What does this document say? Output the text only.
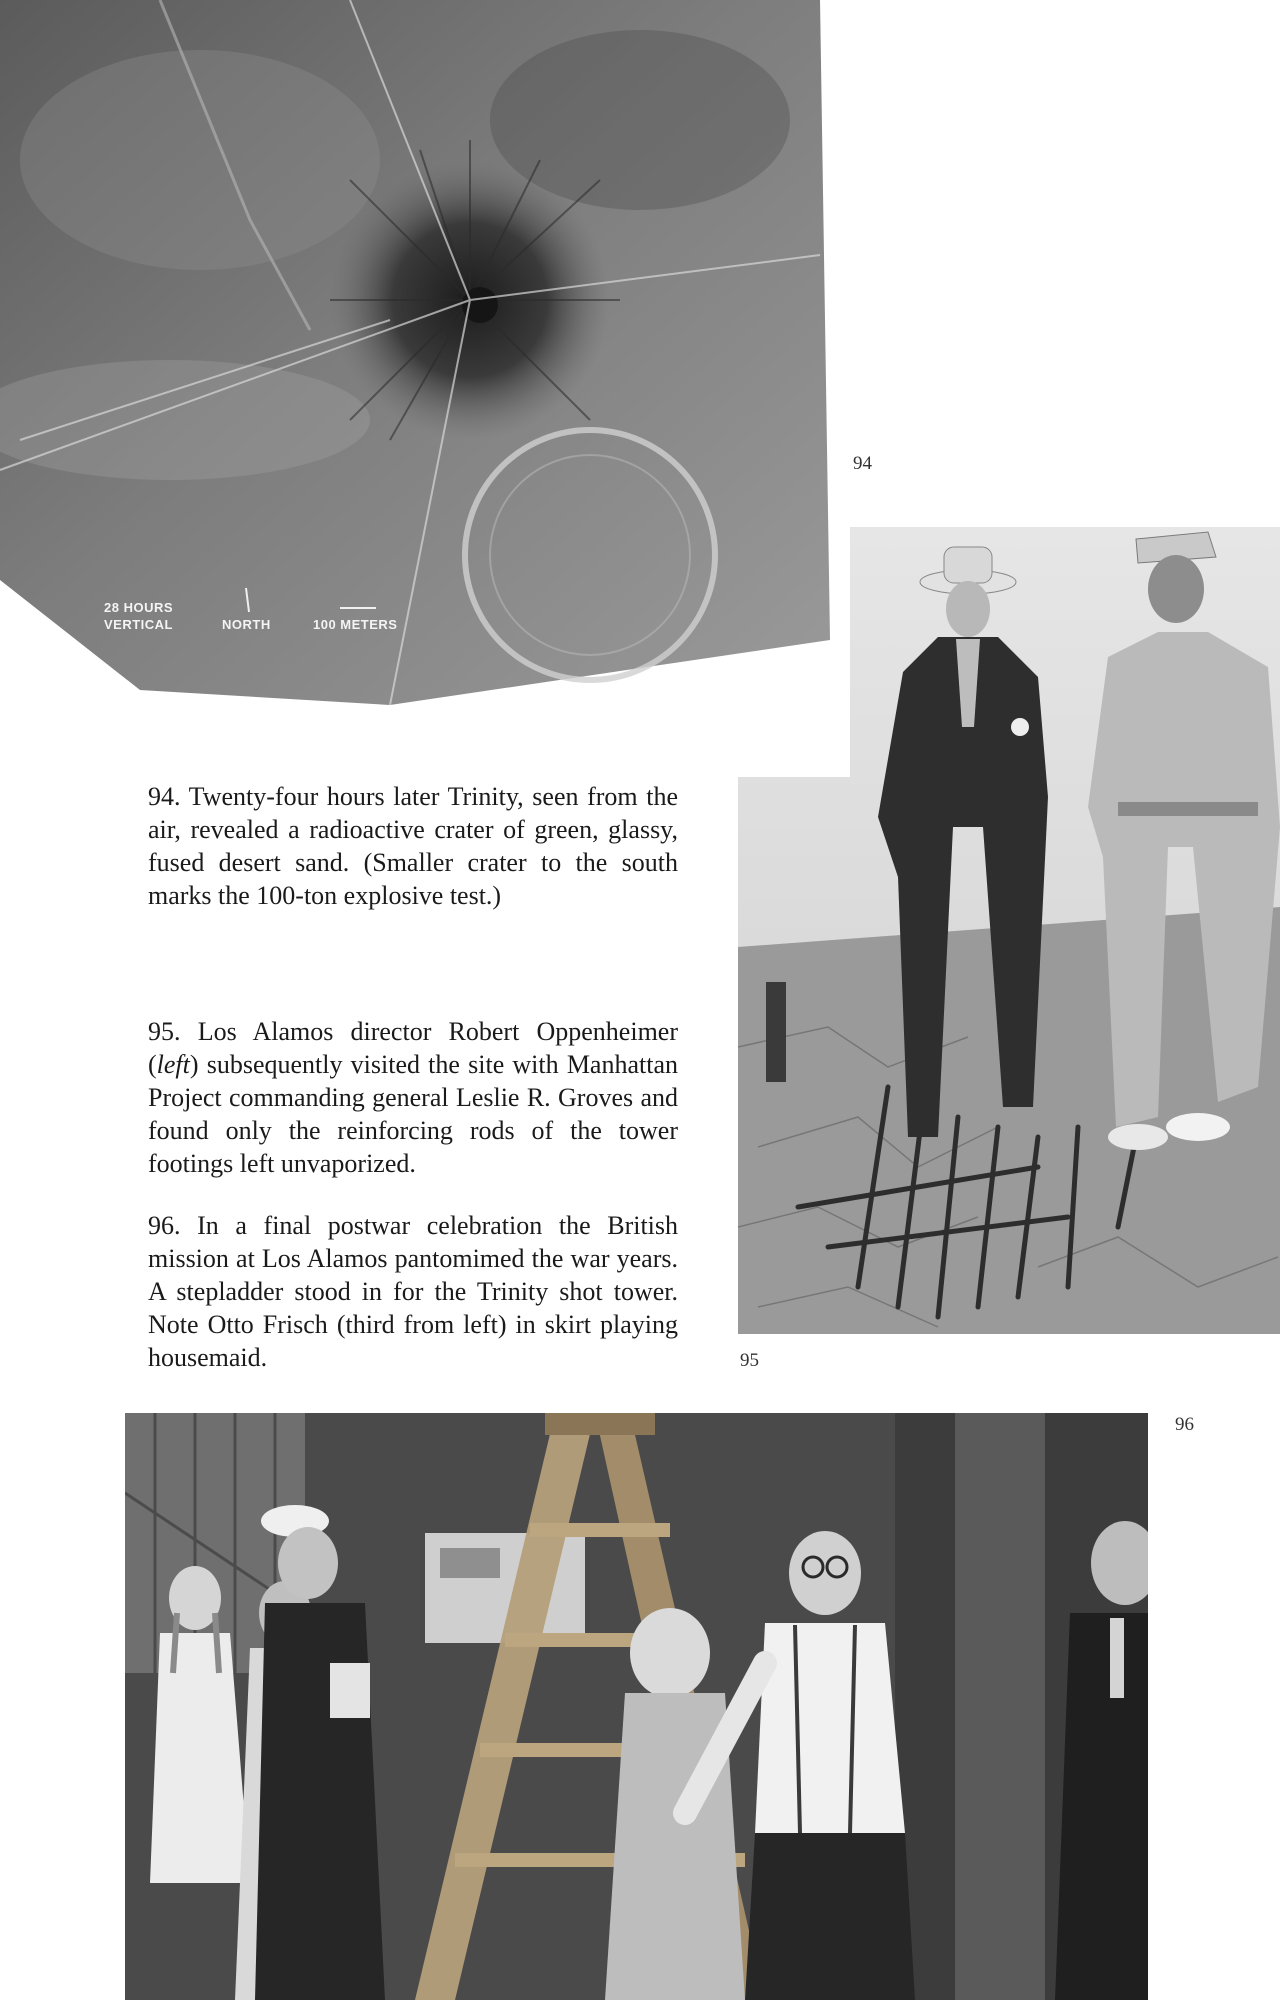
28 HOURS
VERTICAL	NORTH	100 METERS
94
95

94. Twenty-four hours later Trinity, seen from the air, revealed a radioactive crater of green, glassy, fused desert sand. (Smaller crater to the south marks the 100-ton explosive test.)

95. Los Alamos director Robert Oppenheimer (left) subsequently visited the site with Manhattan Project commanding general Leslie R. Groves and found only the reinforcing rods of the tower footings left unvaporized.

96. In a final postwar celebration the British mission at Los Alamos pantomimed the war years. A stepladder stood in for the Trinity shot tower. Note Otto Frisch (third from left) in skirt playing housemaid.

96
